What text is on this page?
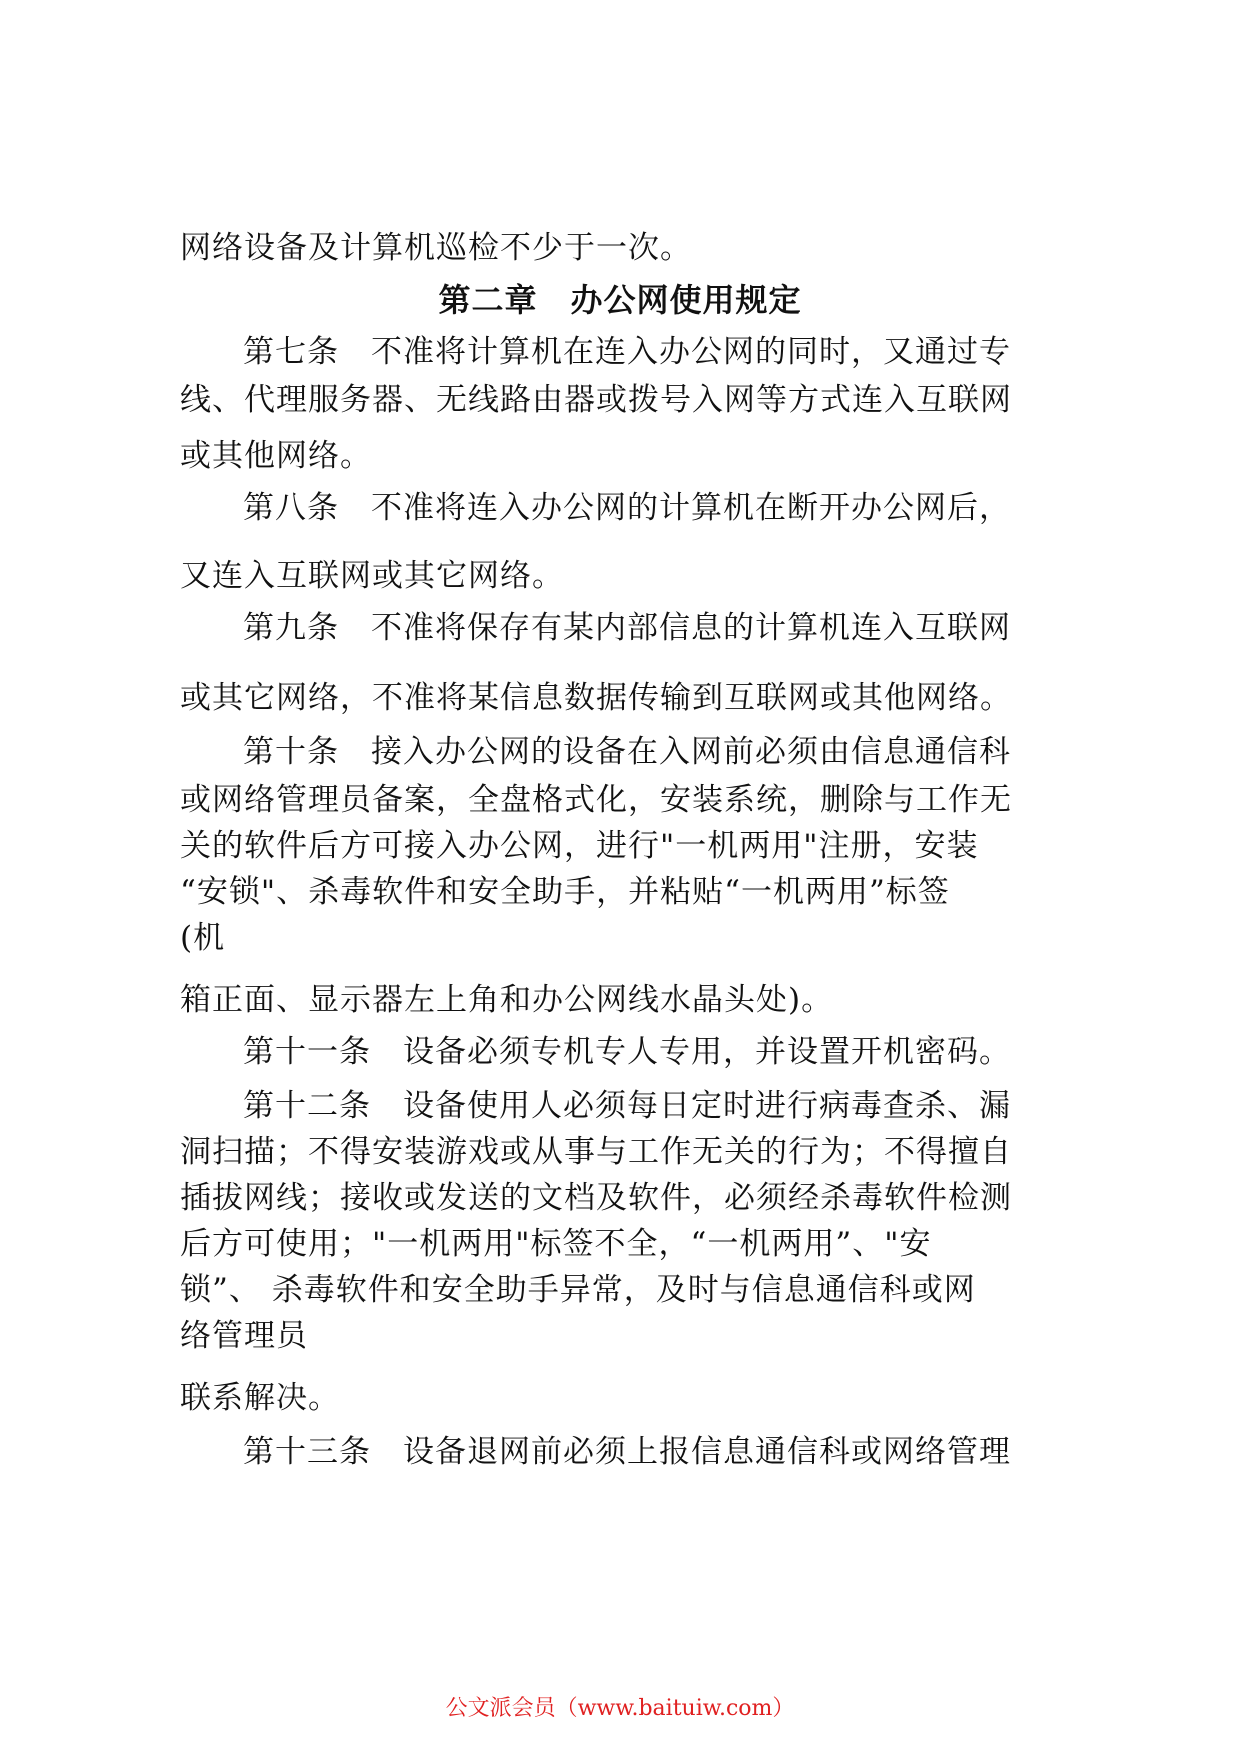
网络设备及计算机巡检不少于一次。
第二章　办公网使用规定
第七条　不准将计算机在连入办公网的同时，又通过专
线、代理服务器、无线路由器或拨号入网等方式连入互联网
或其他网络。
第八条　不准将连入办公网的计算机在断开办公网后，
又连入互联网或其它网络。
第九条　不准将保存有某内部信息的计算机连入互联网
或其它网络，不准将某信息数据传输到互联网或其他网络。
第十条　接入办公网的设备在入网前必须由信息通信科
或网络管理员备案，全盘格式化，安装系统，删除与工作无
关的软件后方可接入办公网，进行"一机两用"注册，安装
“安锁"、杀毒软件和安全助手，并粘贴“一机两用”标签
(机
箱正面、显示器左上角和办公网线水晶头处)。
第十一条　设备必须专机专人专用，并设置开机密码。
第十二条　设备使用人必须每日定时进行病毒查杀、漏
洞扫描；不得安装游戏或从事与工作无关的行为；不得擅自
插拔网线；接收或发送的文档及软件，必须经杀毒软件检测
后方可使用；"一机两用"标签不全，“一机两用”、"安
锁”、 杀毒软件和安全助手异常，及时与信息通信科或网
络管理员
联系解决。
第十三条　设备退网前必须上报信息通信科或网络管理
公文派会员（www.baituiw.com）
